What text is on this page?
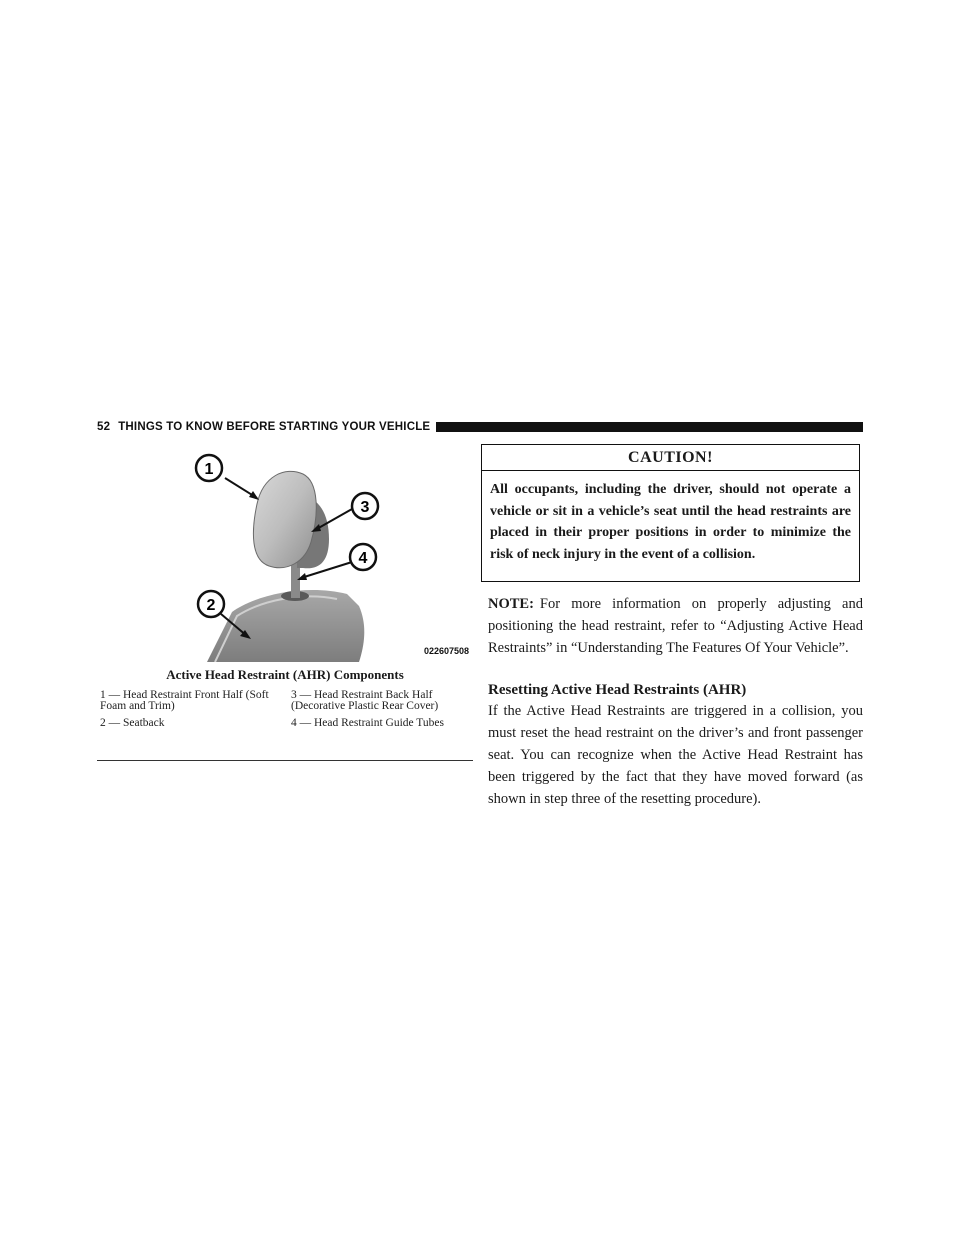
52 THINGS TO KNOW BEFORE STARTING YOUR VEHICLE
1
3
4
2
022607508
Active Head Restraint (AHR) Components
1 — Head Restraint Front Half (Soft Foam and Trim)	3 — Head Restraint Back Half (Decorative Plastic Rear Cover)
2 — Seatback	4 — Head Restraint Guide Tubes
CAUTION!
All occupants, including the driver, should not operate a vehicle or sit in a vehicle’s seat until the head restraints are placed in their proper positions in order to minimize the risk of neck injury in the event of a collision.
NOTE: For more information on properly adjusting and positioning the head restraint, refer to “Adjusting Active Head Restraints” in “Understanding The Features Of Your Vehicle”.
Resetting Active Head Restraints (AHR)
If the Active Head Restraints are triggered in a collision, you must reset the head restraint on the driver’s and front passenger seat. You can recognize when the Active Head Restraint has been triggered by the fact that they have moved forward (as shown in step three of the resetting procedure).
